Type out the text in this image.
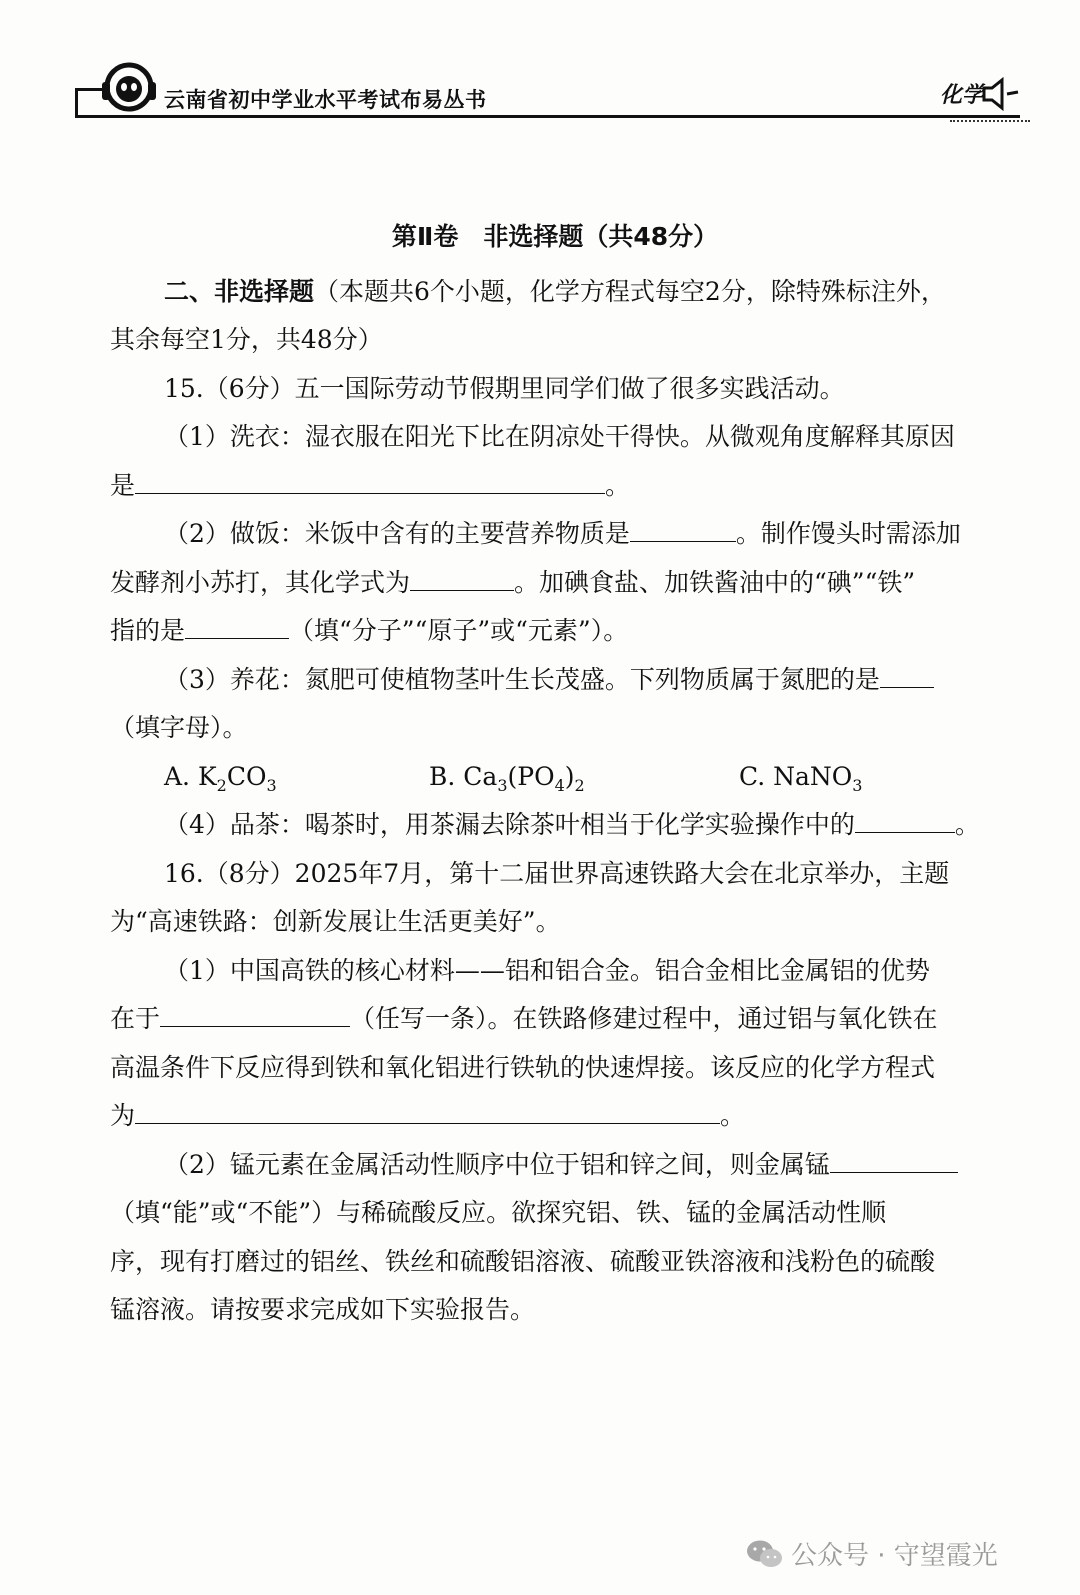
云南省初中学业水平考试布易丛书	化学
第Ⅱ卷　非选择题（共48分）

二、非选择题（本题共6个小题，化学方程式每空2分，除特殊标注外，

其余每空1分，共48分）

15.（6分）五一国际劳动节假期里同学们做了很多实践活动。

（1）洗衣：湿衣服在阳光下比在阴凉处干得快。从微观角度解释其原因

是	。

（2）做饭：米饭中含有的主要营养物质是	。制作馒头时需添加

发酵剂小苏打，其化学式为	。加碘食盐、加铁酱油中的“碘”“铁”

指的是	（填“分子”“原子”或“元素”）。

（3）养花：氮肥可使植物茎叶生长茂盛。下列物质属于氮肥的是

（填字母）。

A. $K_2CO_3$	B. $Ca_3(PO_4)_2$	C. NaNO$_3$

（4）品茶：喝茶时，用茶漏去除茶叶相当于化学实验操作中的	。

16.（8分）2025年7月，第十二届世界高速铁路大会在北京举办，主题

为“高速铁路：创新发展让生活更美好”。

（1）中国高铁的核心材料——铝和铝合金。铝合金相比金属铝的优势

在于	（任写一条）。在铁路修建过程中，通过铝与氧化铁在

高温条件下反应得到铁和氧化铝进行铁轨的快速焊接。该反应的化学方程式

为	。

（2）锰元素在金属活动性顺序中位于铝和锌之间，则金属锰

（填“能”或“不能”）与稀硫酸反应。欲探究铝、铁、锰的金属活动性顺

序，现有打磨过的铝丝、铁丝和硫酸铝溶液、硫酸亚铁溶液和浅粉色的硫酸

锰溶液。请按要求完成如下实验报告。

公众号 · 守望霞光
